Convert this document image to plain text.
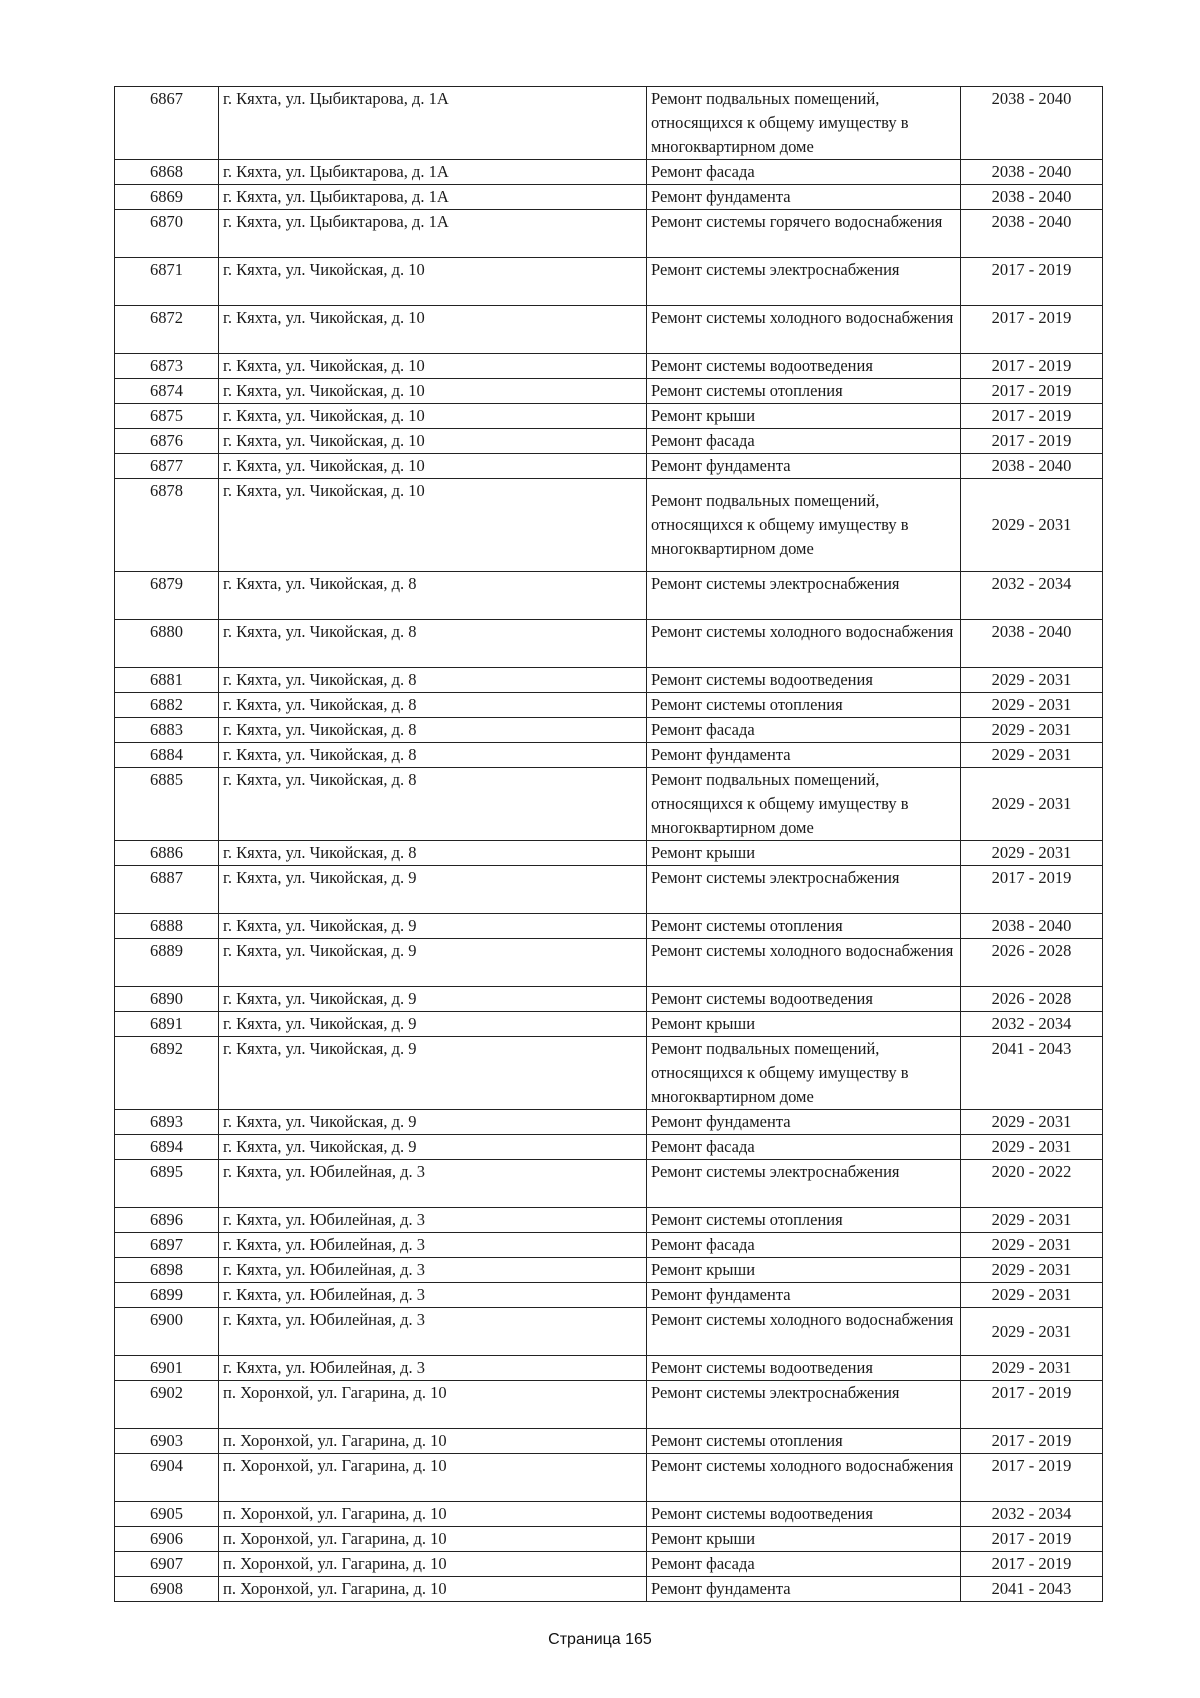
6867	г. Кяхта, ул. Цыбиктарова, д. 1А	Ремонт подвальных помещений, относящихся к общему имуществу в многоквартирном доме	2038 - 2040
6868	г. Кяхта, ул. Цыбиктарова, д. 1А	Ремонт фасада	2038 - 2040
6869	г. Кяхта, ул. Цыбиктарова, д. 1А	Ремонт фундамента	2038 - 2040
6870	г. Кяхта, ул. Цыбиктарова, д. 1А	Ремонт системы горячего водоснабжения	2038 - 2040
6871	г. Кяхта, ул. Чикойская, д. 10	Ремонт системы электроснабжения	2017 - 2019
6872	г. Кяхта, ул. Чикойская, д. 10	Ремонт системы холодного водоснабжения	2017 - 2019
6873	г. Кяхта, ул. Чикойская, д. 10	Ремонт системы водоотведения	2017 - 2019
6874	г. Кяхта, ул. Чикойская, д. 10	Ремонт системы отопления	2017 - 2019
6875	г. Кяхта, ул. Чикойская, д. 10	Ремонт крыши	2017 - 2019
6876	г. Кяхта, ул. Чикойская, д. 10	Ремонт фасада	2017 - 2019
6877	г. Кяхта, ул. Чикойская, д. 10	Ремонт фундамента	2038 - 2040
6878	г. Кяхта, ул. Чикойская, д. 10	Ремонт подвальных помещений, относящихся к общему имуществу в многоквартирном доме	2029 - 2031
6879	г. Кяхта, ул. Чикойская, д. 8	Ремонт системы электроснабжения	2032 - 2034
6880	г. Кяхта, ул. Чикойская, д. 8	Ремонт системы холодного водоснабжения	2038 - 2040
6881	г. Кяхта, ул. Чикойская, д. 8	Ремонт системы водоотведения	2029 - 2031
6882	г. Кяхта, ул. Чикойская, д. 8	Ремонт системы отопления	2029 - 2031
6883	г. Кяхта, ул. Чикойская, д. 8	Ремонт фасада	2029 - 2031
6884	г. Кяхта, ул. Чикойская, д. 8	Ремонт фундамента	2029 - 2031
6885	г. Кяхта, ул. Чикойская, д. 8	Ремонт подвальных помещений, относящихся к общему имуществу в многоквартирном доме	2029 - 2031
6886	г. Кяхта, ул. Чикойская, д. 8	Ремонт крыши	2029 - 2031
6887	г. Кяхта, ул. Чикойская, д. 9	Ремонт системы электроснабжения	2017 - 2019
6888	г. Кяхта, ул. Чикойская, д. 9	Ремонт системы отопления	2038 - 2040
6889	г. Кяхта, ул. Чикойская, д. 9	Ремонт системы холодного водоснабжения	2026 - 2028
6890	г. Кяхта, ул. Чикойская, д. 9	Ремонт системы водоотведения	2026 - 2028
6891	г. Кяхта, ул. Чикойская, д. 9	Ремонт крыши	2032 - 2034
6892	г. Кяхта, ул. Чикойская, д. 9	Ремонт подвальных помещений, относящихся к общему имуществу в многоквартирном доме	2041 - 2043
6893	г. Кяхта, ул. Чикойская, д. 9	Ремонт фундамента	2029 - 2031
6894	г. Кяхта, ул. Чикойская, д. 9	Ремонт фасада	2029 - 2031
6895	г. Кяхта, ул. Юбилейная, д. 3	Ремонт системы электроснабжения	2020 - 2022
6896	г. Кяхта, ул. Юбилейная, д. 3	Ремонт системы отопления	2029 - 2031
6897	г. Кяхта, ул. Юбилейная, д. 3	Ремонт фасада	2029 - 2031
6898	г. Кяхта, ул. Юбилейная, д. 3	Ремонт крыши	2029 - 2031
6899	г. Кяхта, ул. Юбилейная, д. 3	Ремонт фундамента	2029 - 2031
6900	г. Кяхта, ул. Юбилейная, д. 3	Ремонт системы холодного водоснабжения	2029 - 2031
6901	г. Кяхта, ул. Юбилейная, д. 3	Ремонт системы водоотведения	2029 - 2031
6902	п. Хоронхой, ул. Гагарина, д. 10	Ремонт системы электроснабжения	2017 - 2019
6903	п. Хоронхой, ул. Гагарина, д. 10	Ремонт системы отопления	2017 - 2019
6904	п. Хоронхой, ул. Гагарина, д. 10	Ремонт системы холодного водоснабжения	2017 - 2019
6905	п. Хоронхой, ул. Гагарина, д. 10	Ремонт системы водоотведения	2032 - 2034
6906	п. Хоронхой, ул. Гагарина, д. 10	Ремонт крыши	2017 - 2019
6907	п. Хоронхой, ул. Гагарина, д. 10	Ремонт фасада	2017 - 2019
6908	п. Хоронхой, ул. Гагарина, д. 10	Ремонт фундамента	2041 - 2043
Страница 165
